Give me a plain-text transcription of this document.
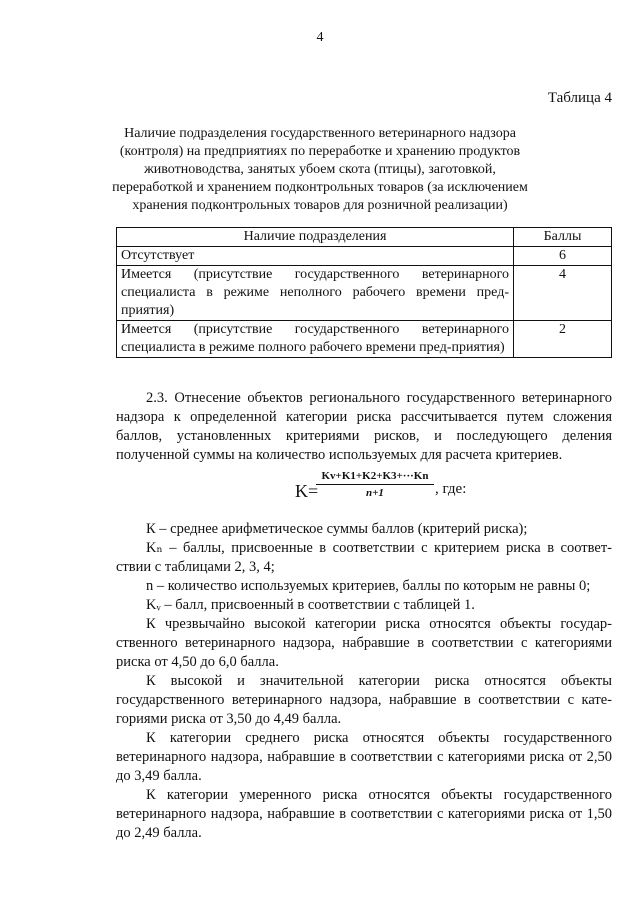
4
Таблица 4
Наличие подразделения государственного ветеринарного надзора (контроля) на предприятиях по переработке и хранению продуктов животноводства, занятых убоем скота (птицы), заготовкой, переработкой и хранением подконтрольных товаров (за исключением хранения подконтрольных товаров для розничной реализации)
Наличие подразделения	Баллы
Отсутствует	6
Имеется (присутствие государственного ветеринарного специалиста в режиме неполного рабочего времени пред-приятия)	4
Имеется (присутствие государственного ветеринарного специалиста в режиме полного рабочего времени пред-приятия)	2
2.3. Отнесение объектов регионального государственного ветеринарного надзора к определенной категории риска рассчитывается путем сложения баллов, установленных критериями рисков, и последующего деления полученной суммы на количество используемых для расчета критериев.
K=
$\frac{Kv+K1+K2+K3+\cdot\cdot\cdot Kn}{n+1}$ , где:

К – среднее арифметическое суммы баллов (критерий риска);

Kₙ – баллы, присвоенные в соответствии с критерием риска в соответ-ствии с таблицами 2, 3, 4;

n – количество используемых критериев, баллы по которым не равны 0;

Kᵥ – балл, присвоенный в соответствии с таблицей 1.

К чрезвычайно высокой категории риска относятся объекты государ-ственного ветеринарного надзора, набравшие в соответствии с категориями риска от 4,50 до 6,0 балла.

К высокой и значительной категории риска относятся объекты государственного ветеринарного надзора, набравшие в соответствии с кате-гориями риска от 3,50 до 4,49 балла.

К категории среднего риска относятся объекты государственного ветеринарного надзора, набравшие в соответствии с категориями риска от 2,50 до 3,49 балла.

К категории умеренного риска относятся объекты государственного ветеринарного надзора, набравшие в соответствии с категориями риска от 1,50 до 2,49 балла.
